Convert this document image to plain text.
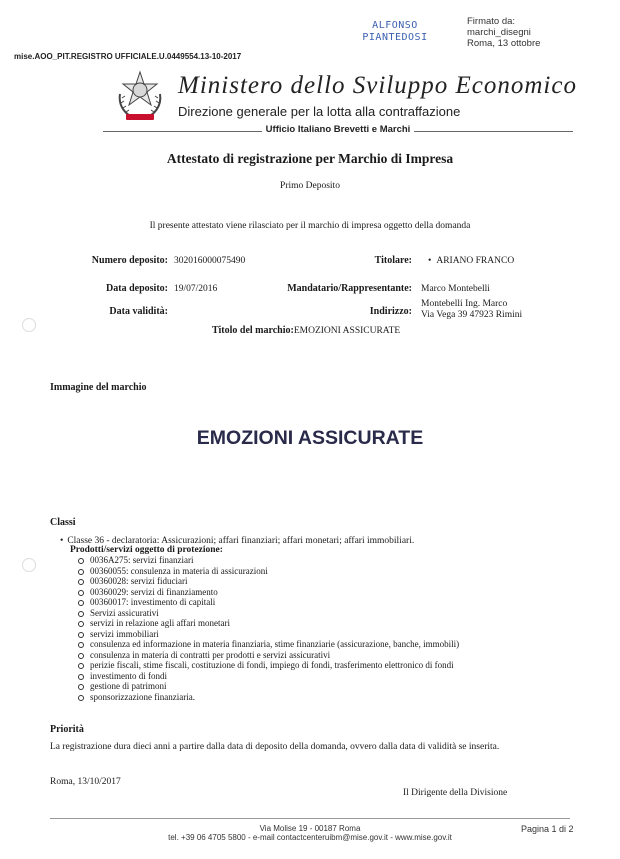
ALFONSO
PIANTEDOSI
Firmato da:
marchi_disegni
Roma, 13 ottobre
mise.AOO_PIT.REGISTRO UFFICIALE.U.0449554.13-10-2017
Ministero dello Sviluppo Economico
Direzione generale per la lotta alla contraffazione
Ufficio Italiano Brevetti e Marchi
Attestato di registrazione per Marchio di Impresa
Primo Deposito
Il presente attestato viene rilasciato per il marchio di impresa oggetto della domanda
Numero deposito: 302016000075490
Data deposito: 19/07/2016
Data validità:
Titolare: • ARIANO FRANCO
Mandatario/Rappresentante: Marco Montebelli
Indirizzo:
Montebelli Ing. Marco
Via Vega 39 47923 Rimini
Titolo del marchio:EMOZIONI ASSICURATE
Immagine del marchio
EMOZIONI ASSICURATE
Classi
• Classe 36 - declaratoria: Assicurazioni; affari finanziari; affari monetari; affari immobiliari.
Prodotti/servizi oggetto di protezione:
0036A275: servizi finanziari
00360055: consulenza in materia di assicurazioni
00360028: servizi fiduciari
00360029: servizi di finanziamento
00360017: investimento di capitali
Servizi assicurativi
servizi in relazione agli affari monetari
servizi immobiliari
consulenza ed informazione in materia finanziaria, stime finanziarie (assicurazione, banche, immobili)
consulenza in materia di contratti per prodotti e servizi assicurativi
perizie fiscali, stime fiscali, costituzione di fondi, impiego di fondi, trasferimento elettronico di fondi
investimento di fondi
gestione di patrimoni
sponsorizzazione finanziaria.
Priorità
La registrazione dura dieci anni a partire dalla data di deposito della domanda, ovvero dalla data di validità se inserita.
Roma, 13/10/2017
Il Dirigente della Divisione
Via Molise 19 - 00187 Roma
tel. +39 06 4705 5800 - e-mail contactcenteruibm@mise.gov.it - www.mise.gov.it
Pagina 1 di 2
